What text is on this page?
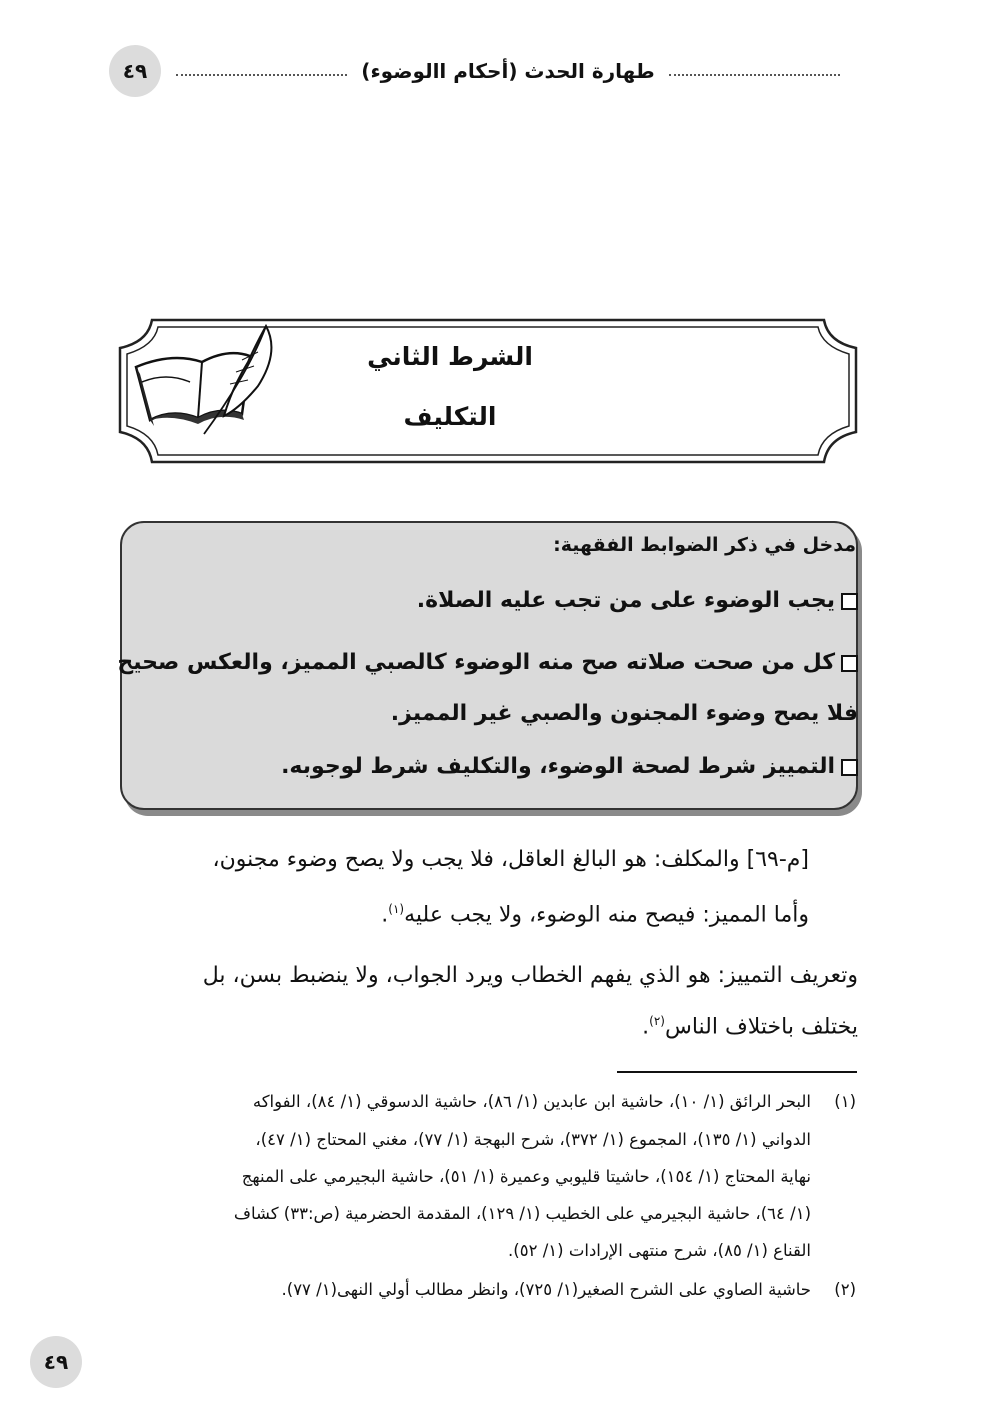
٤٩	طهارة الحدث (أحكام االوضوء)
الشرط الثاني
التكليف
مدخل في ذكر الضوابط الفقهية:
يجب الوضوء على من تجب عليه الصلاة.
كل من صحت صلاته صح منه الوضوء كالصبي المميز، والعكس صحيح
فلا يصح وضوء المجنون والصبي غير المميز.
التمييز شرط لصحة الوضوء، والتكليف شرط لوجوبه.
[م-٦٩] والمكلف: هو البالغ العاقل، فلا يجب ولا يصح وضوء مجنون،
وأما المميز: فيصح منه الوضوء، ولا يجب عليه$^{(١)}$.
وتعريف التمييز: هو الذي يفهم الخطاب ويرد الجواب، ولا ينضبط بسن، بل
يختلف باختلاف الناس$^{(٢)}$.
(١)
البحر الرائق (١/ ١٠)، حاشية ابن عابدين (١/ ٨٦)، حاشية الدسوقي (١/ ٨٤)، الفواكه
الدواني (١/ ١٣٥)، المجموع (١/ ٣٧٢)، شرح البهجة (١/ ٧٧)، مغني المحتاج (١/ ٤٧)،
نهاية المحتاج (١/ ١٥٤)، حاشيتا قليوبي وعميرة (١/ ٥١)، حاشية البجيرمي على المنهج
(١/ ٦٤)، حاشية البجيرمي على الخطيب (١/ ١٢٩)، المقدمة الحضرمية (ص:٣٣) كشاف
القناع (١/ ٨٥)، شرح منتهى الإرادات (١/ ٥٢).
(٢)
حاشية الصاوي على الشرح الصغير(١/ ٧٢٥)، وانظر مطالب أولي النهى(١/ ٧٧).
٤٩
